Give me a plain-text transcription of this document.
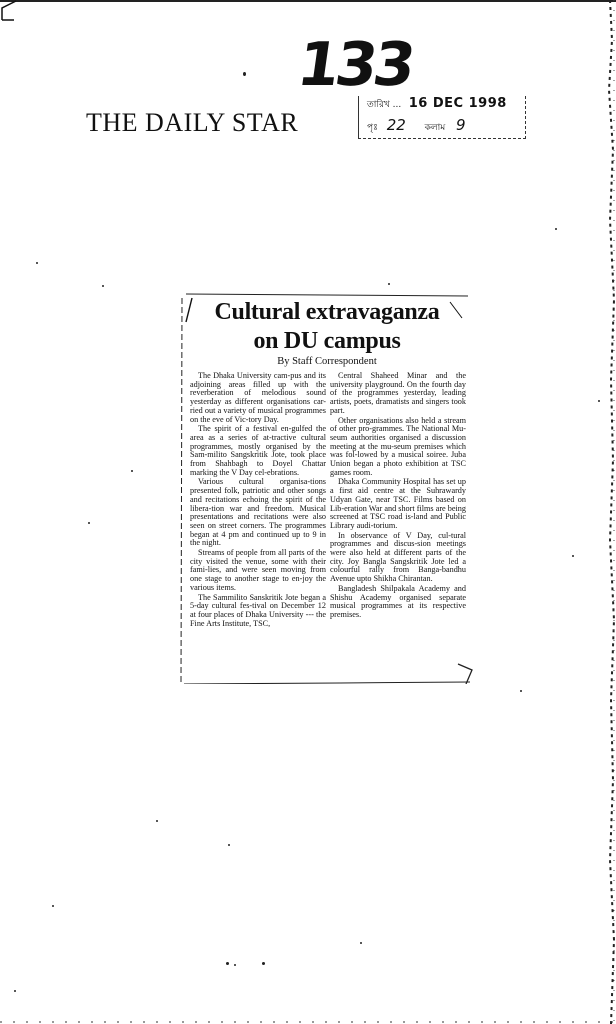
133
THE DAILY STAR
তারিখ ... 16 DEC 1998
পৃঃ 22 কলাম 9
Cultural extravaganza
on DU campus
By Staff Correspondent

The Dhaka University cam-pus and its adjoining areas filled up with the reverberation of melodious sound yesterday as different organisations car-ried out a variety of musical programmes on the eve of Vic-tory Day.

The spirit of a festival en-gulfed the area as a series of at-tractive cultural programmes, mostly organised by the Sam-milito Sangskritik Jote, took place from Shahbagh to Doyel Chattar marking the V Day cel-ebrations.

Various cultural organisa-tions presented folk, patriotic and other songs and recitations echoing the spirit of the libera-tion war and freedom. Musical presentations and recitations were also seen on street corners. The programmes began at 4 pm and continued up to 9 in the night.

Streams of people from all parts of the city visited the venue, some with their fami-lies, and were seen moving from one stage to another stage to en-joy the various items.

The Sammilito Sanskritik Jote began a 5-day cultural fes-tival on December 12 at four places of Dhaka University --- the Fine Arts Institute, TSC,

Central Shaheed Minar and the university playground. On the fourth day of the programmes yesterday, leading artists, poets, dramatists and singers took part.

Other organisations also held a stream of other pro-grammes. The National Mu-seum authorities organised a discussion meeting at the mu-seum premises which was fol-lowed by a musical soiree. Juba Union began a photo exhibition at TSC games room.

Dhaka Community Hospital has set up a first aid centre at the Suhrawardy Udyan Gate, near TSC. Films based on Lib-eration War and short films are being screened at TSC road is-land and Public Library audi-torium.

In observance of V Day, cul-tural programmes and discus-sion meetings were also held at different parts of the city. Joy Bangla Sangskritik Jote led a colourful rally from Banga-bandhu Avenue upto Shikha Chirantan.

Bangladesh Shilpakala Academy and Shishu Academy organised separate musical programmes at its respective premises.
